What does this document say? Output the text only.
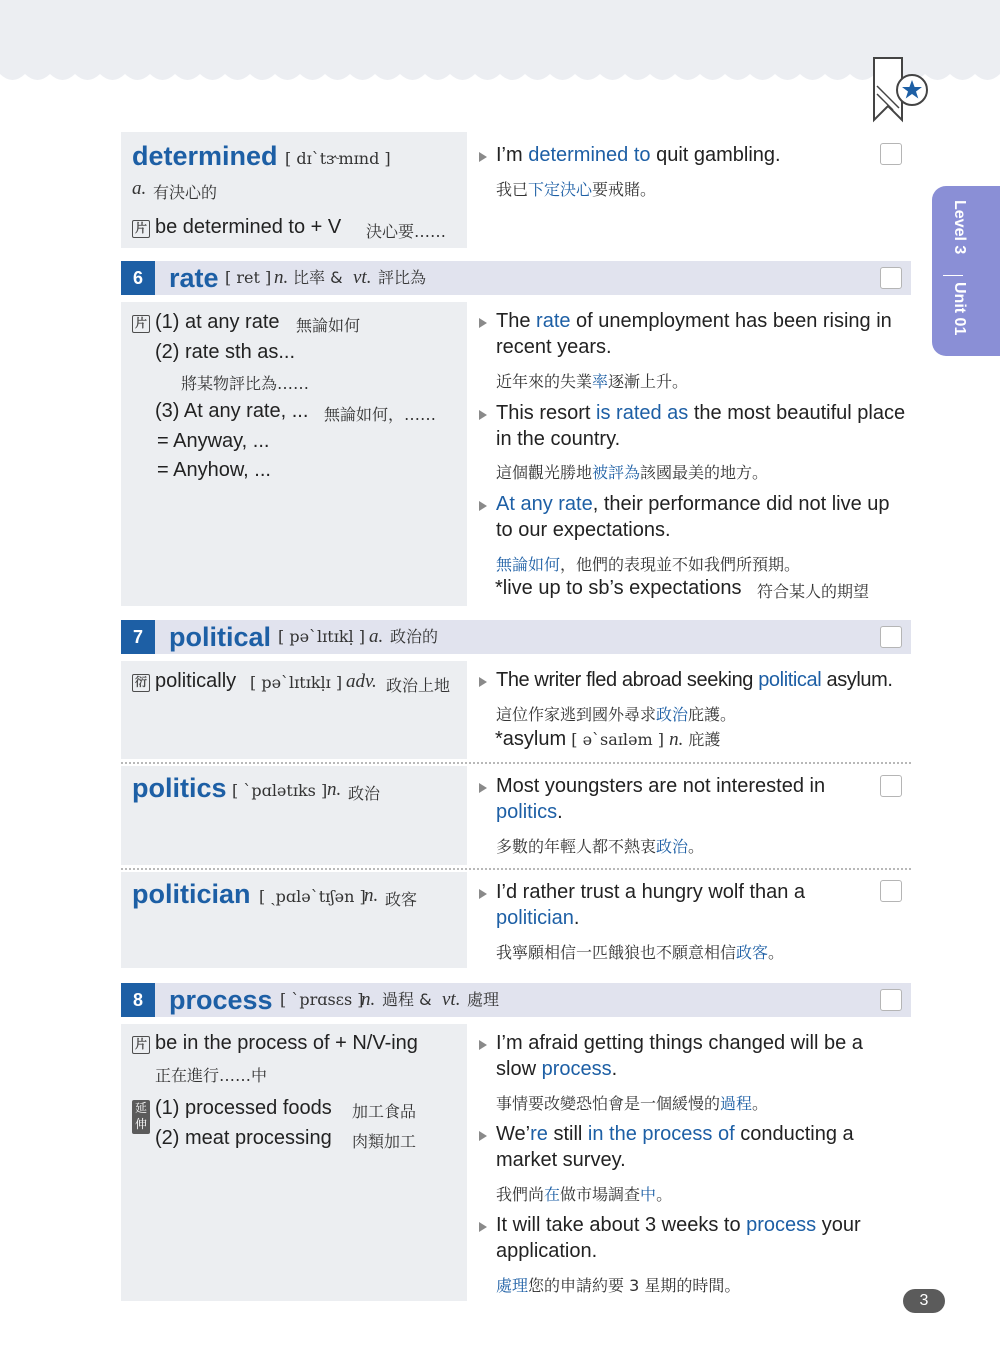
Level 3
Unit 01
determined [ dɪˋtɝmɪnd ]
a. 有決心的
片 be determined to + V 決心要……
I’m determined to quit gambling.
我已下定決心要戒賭。
6 rate [ ret ] n. 比率 & vt. 評比為
片 (1) at any rate 無論如何
(2) rate sth as...
將某物評比為……
(3) At any rate, ... 無論如何，……
= Anyway, ...
= Anyhow, ...
The rate of unemployment has been rising in
recent years.
近年來的失業率逐漸上升。
This resort is rated as the most beautiful place
in the country.
這個觀光勝地被評為該國最美的地方。
At any rate, their performance did not live up
to our expectations.
無論如何，他們的表現並不如我們所預期。
*live up to sb’s expectations 符合某人的期望
7 political [ pəˋlɪtɪkḷ ] a. 政治的
衍 politically [ pəˋlɪtɪkḷɪ ] adv. 政治上地 The writer fled abroad seeking political asylum.
這位作家逃到國外尋求政治庇護。
*asylum [ əˋsaɪləm ] n. 庇護
politics [ ˋpɑlətɪks ] n. 政治	Most youngsters are not interested in
politics.
多數的年輕人都不熱衷政治。
politician [ ˏpɑləˋtɪʃən ]
n. 政客	I’d rather trust a hungry wolf than a
politician.
我寧願相信一匹餓狼也不願意相信政客。
8 process [ ˋprɑsɛs ]
n. 過程 & vt. 處理
片 be in the process of + N/V-ing
正在進行……中
延伸
(1) processed foods 加工食品
(2) meat processing 肉類加工
I’m afraid getting things changed will be a
slow process.
事情要改變恐怕會是一個緩慢的過程。
We’re still in the process of conducting a
market survey.
我們尚在做市場調查中。
It will take about 3 weeks to process your
application.
處理您的申請約要 3 星期的時間。
3
